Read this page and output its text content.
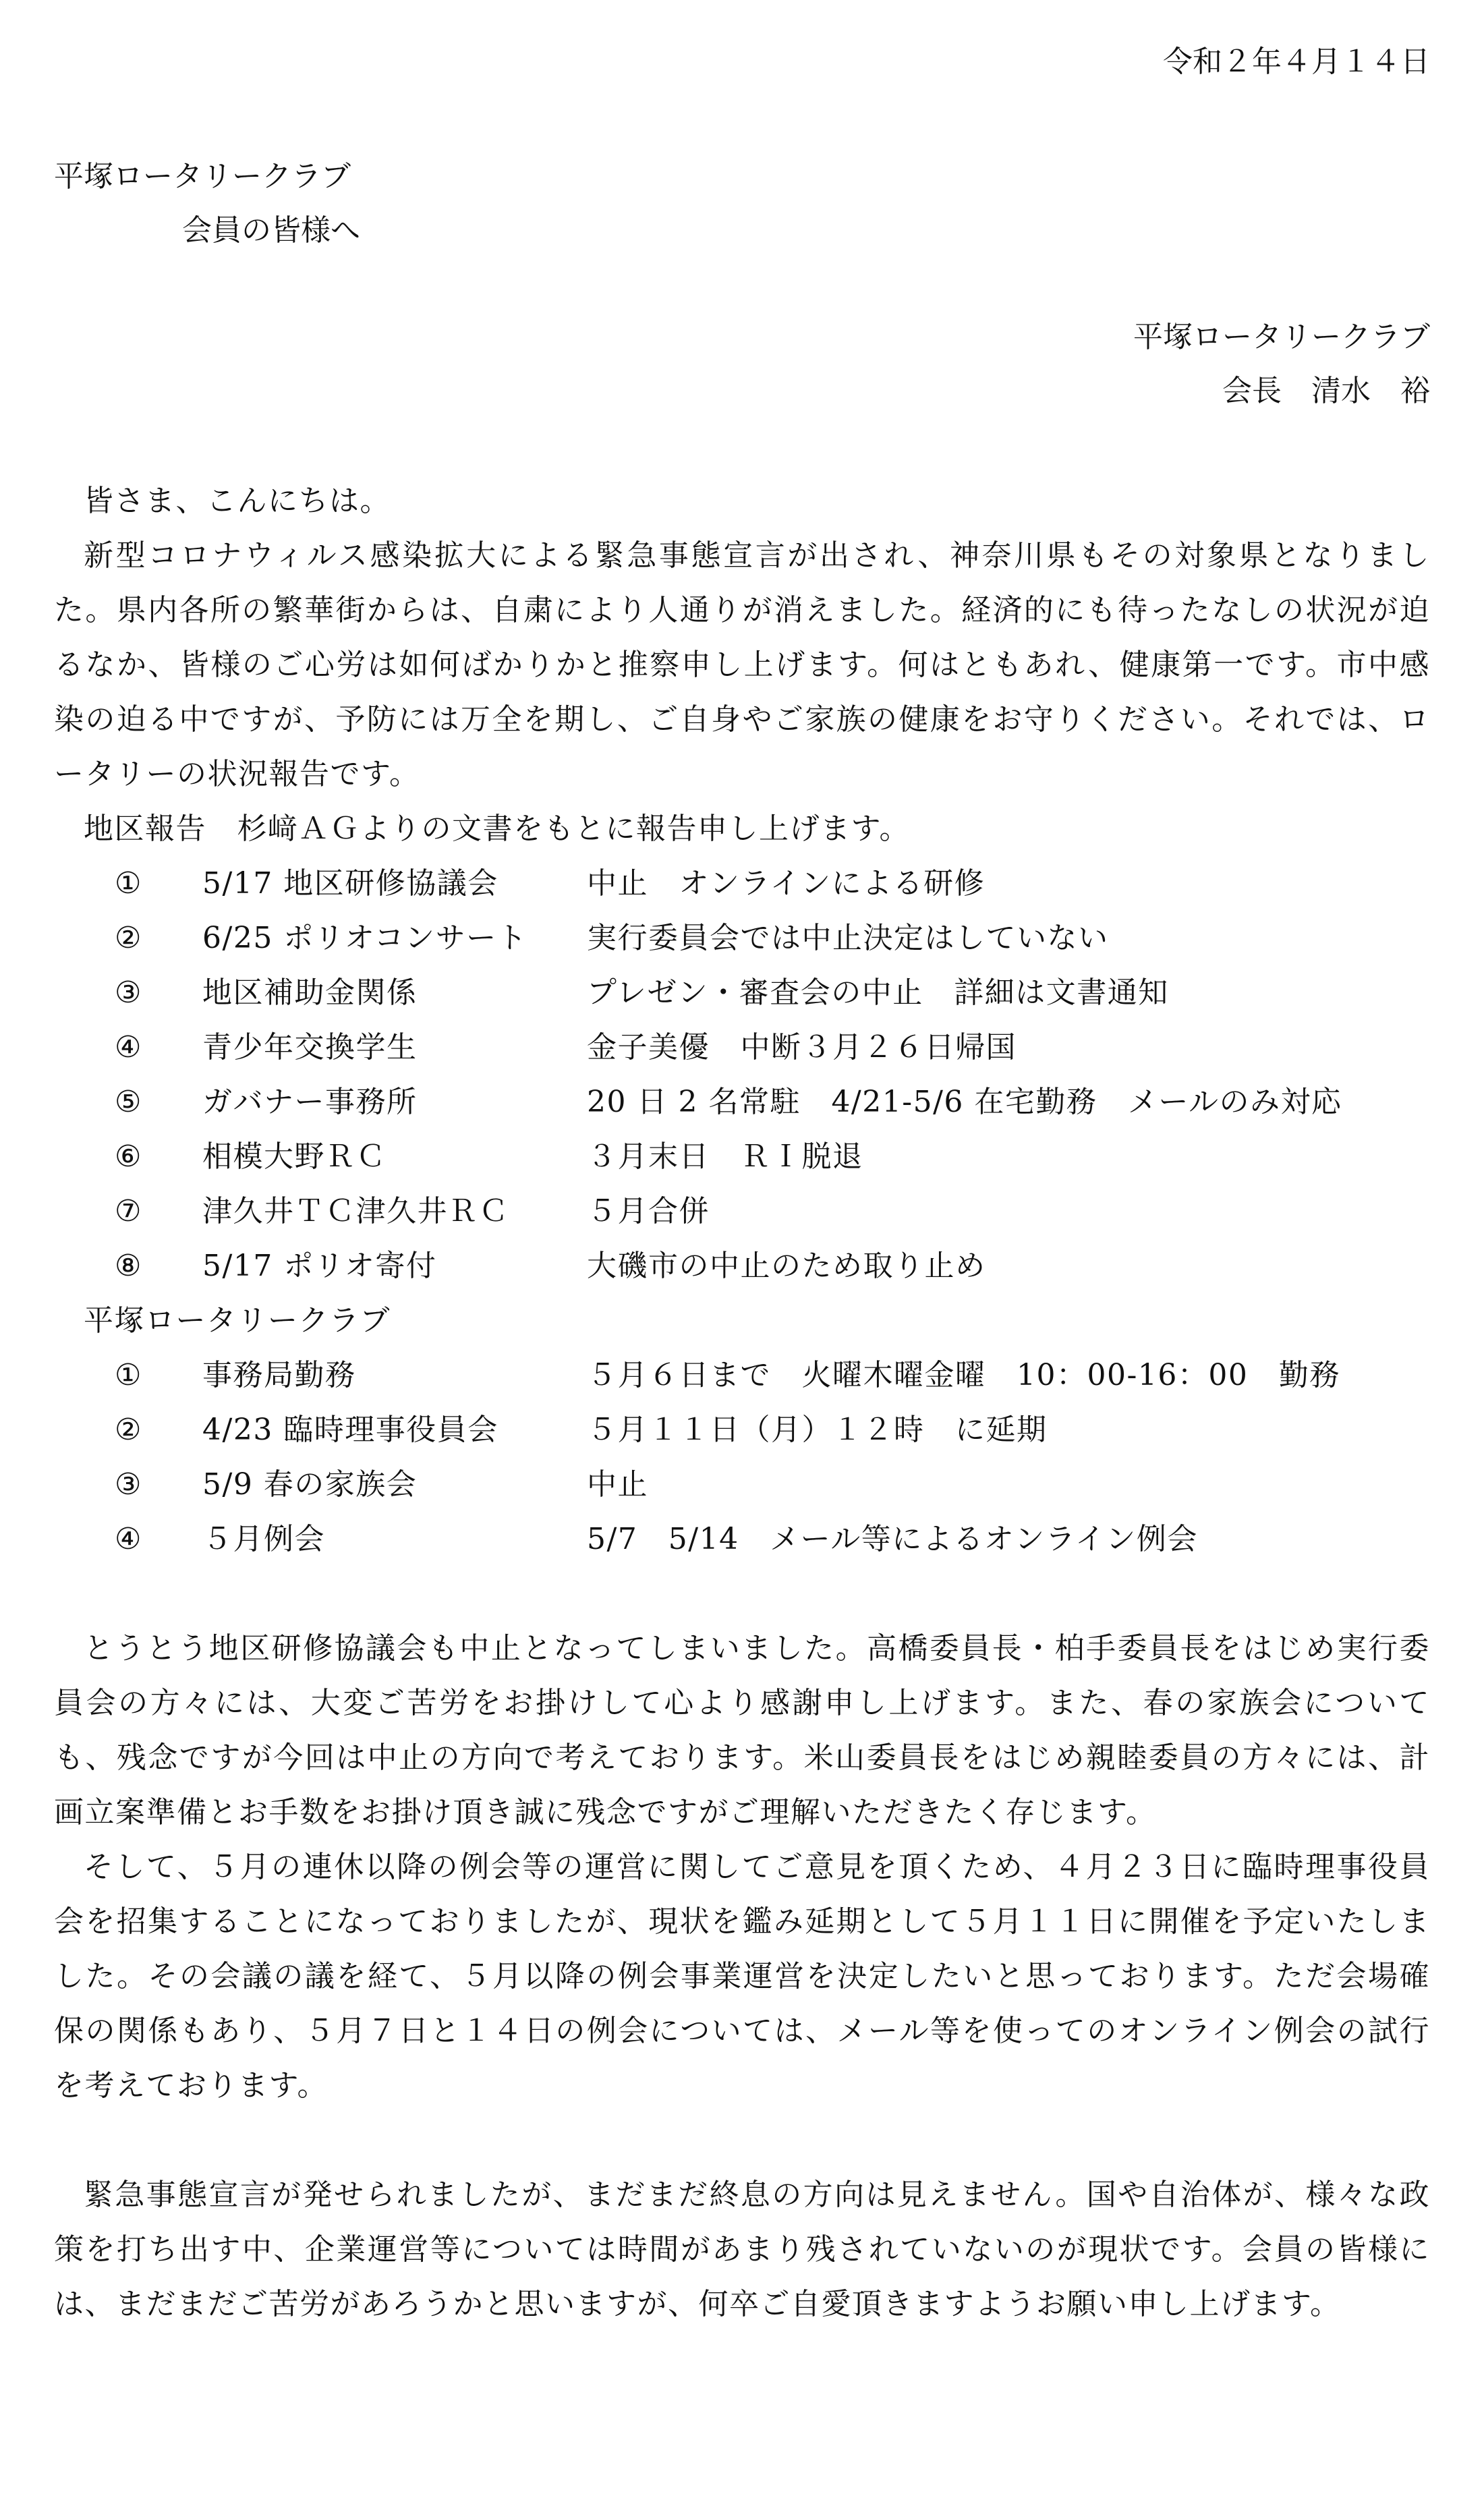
令和２年４月１４日
平塚ロータリークラブ
会員の皆様へ
平塚ロータリークラブ
会長　清水　裕

皆さま、こんにちは。

新型コロナウィルス感染拡大による緊急事態宣言が出され、神奈川県もその対象県となりました。県内各所の繁華街からは、自粛により人通りが消えました。経済的にも待ったなしの状況が迫るなか、皆様のご心労は如何ばかりかと推察申し上げます。何はともあれ、健康第一です。市中感染の迫る中ですが、予防には万全を期し、ご自身やご家族の健康をお守りください。それでは、ロータリーの状況報告です。

地区報告　杉﨑ＡＧよりの文書をもとに報告申し上げます。

①	5/17 地区研修協議会	中止　オンラインによる研修
②	6/25 ポリオコンサート	実行委員会では中止決定はしていない
③	地区補助金関係	プレゼン・審査会の中止　詳細は文書通知
④	青少年交換学生	金子美優　中断３月２６日帰国
⑤	ガバナー事務所	20 日 2 名常駐　4/21-5/6 在宅勤務　メールのみ対応
⑥	相模大野ＲＣ	３月末日　ＲＩ脱退
⑦	津久井ＴＣ津久井ＲＣ	５月合併
⑧	5/17 ポリオ寄付	大磯市の中止のため取り止め

平塚ロータリークラブ

①	事務局勤務	５月６日まで　火曜木曜金曜　10：00-16：00　勤務
②	4/23 臨時理事役員会	５月１１日（月）１２時　に延期
③	5/9 春の家族会	中止
④	５月例会	5/7　5/14　メール等によるオンライン例会

とうとう地区研修協議会も中止となってしまいました。高橋委員長・柏手委員長をはじめ実行委員会の方々には、大変ご苦労をお掛けして心より感謝申し上げます。また、春の家族会についても、残念ですが今回は中止の方向で考えております。米山委員長をはじめ親睦委員の方々には、計画立案準備とお手数をお掛け頂き誠に残念ですがご理解いただきたく存じます。

そして、５月の連休以降の例会等の運営に関してご意見を頂くため、４月２３日に臨時理事役員会を招集することになっておりましたが、現状を鑑み延期として５月１１日に開催を予定いたしました。その会議の議を経て、５月以降の例会事業運営を決定したいと思っております。ただ会場確保の関係もあり、５月７日と１４日の例会については、メール等を使ってのオンライン例会の試行を考えております。

緊急事態宣言が発せられましたが、まだまだ終息の方向は見えません。国や自治体が、様々な政策を打ち出す中、企業運営等については時間があまり残されていないのが現状です。会員の皆様には、まだまだご苦労があろうかと思いますが、何卒ご自愛頂きますようお願い申し上げます。
